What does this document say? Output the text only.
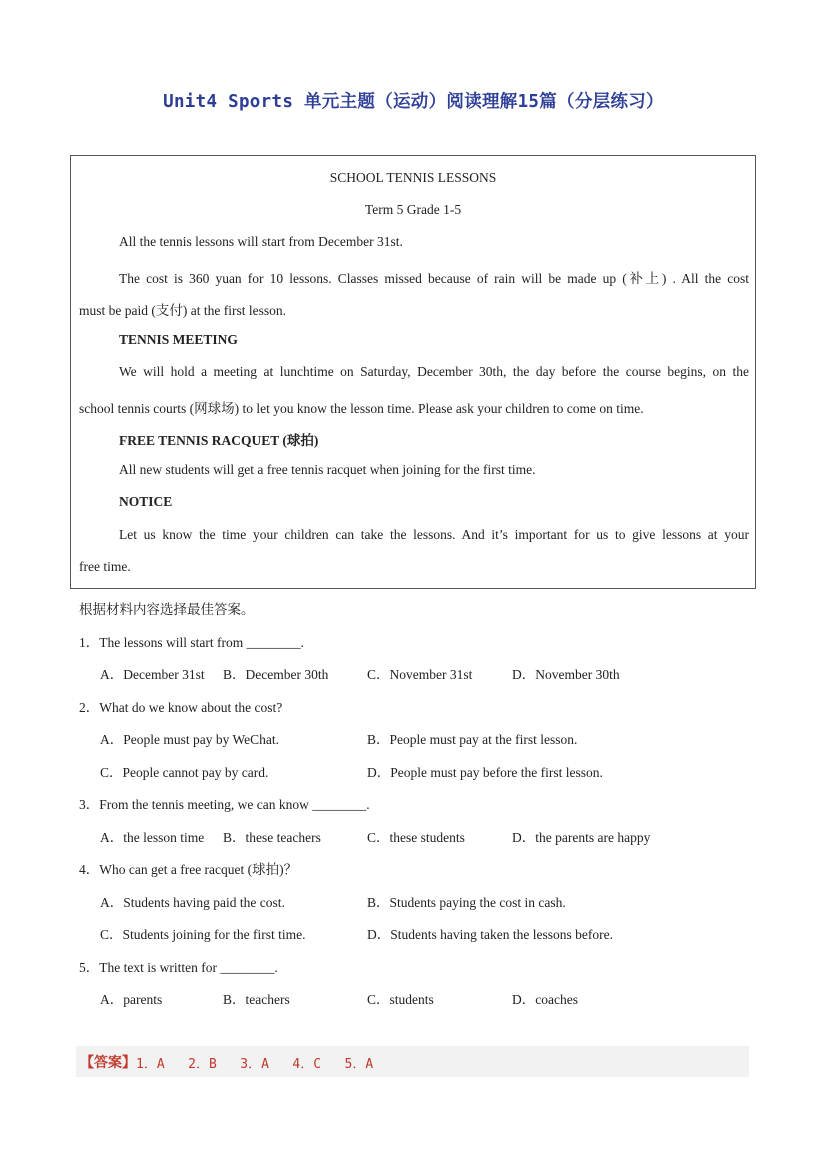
Unit4 Sports 单元主题（运动）阅读理解15篇（分层练习）
SCHOOL TENNIS LESSONS
Term 5 Grade 1-5
All the tennis lessons will start from December 31st.
The cost is 360 yuan for 10 lessons. Classes missed because of rain will be made up (补上) . All the cost
must be paid (支付) at the first lesson.
TENNIS MEETING
We will hold a meeting at lunchtime on Saturday, December 30th, the day before the course begins, on the
school tennis courts (网球场) to let you know the lesson time. Please ask your children to come on time.
FREE TENNIS RACQUET (球拍)
All new students will get a free tennis racquet when joining for the first time.
NOTICE
Let us know the time your children can take the lessons. And it’s important for us to give lessons at your
free time.
根据材料内容选择最佳答案。
1．The lessons will start from ________.
A．December 31st B．December 30th	C．November 31st	D．November 30th
2．What do we know about the cost?
A．People must pay by WeChat.	B．People must pay at the first lesson.
C．People cannot pay by card.	D．People must pay before the first lesson.
3．From the tennis meeting, we can know ________.
A．the lesson time B．these teachers	C．these students	D．the parents are happy
4．Who can get a free racquet (球拍)？
A．Students having paid the cost.	B．Students paying the cost in cash.
C．Students joining for the first time.	D．Students having taken the lessons before.
5．The text is written for ________.
A．parents	B．teachers	C．students	D．coaches
【答案】 1．A   2．B   3．A   4．C   5．A
